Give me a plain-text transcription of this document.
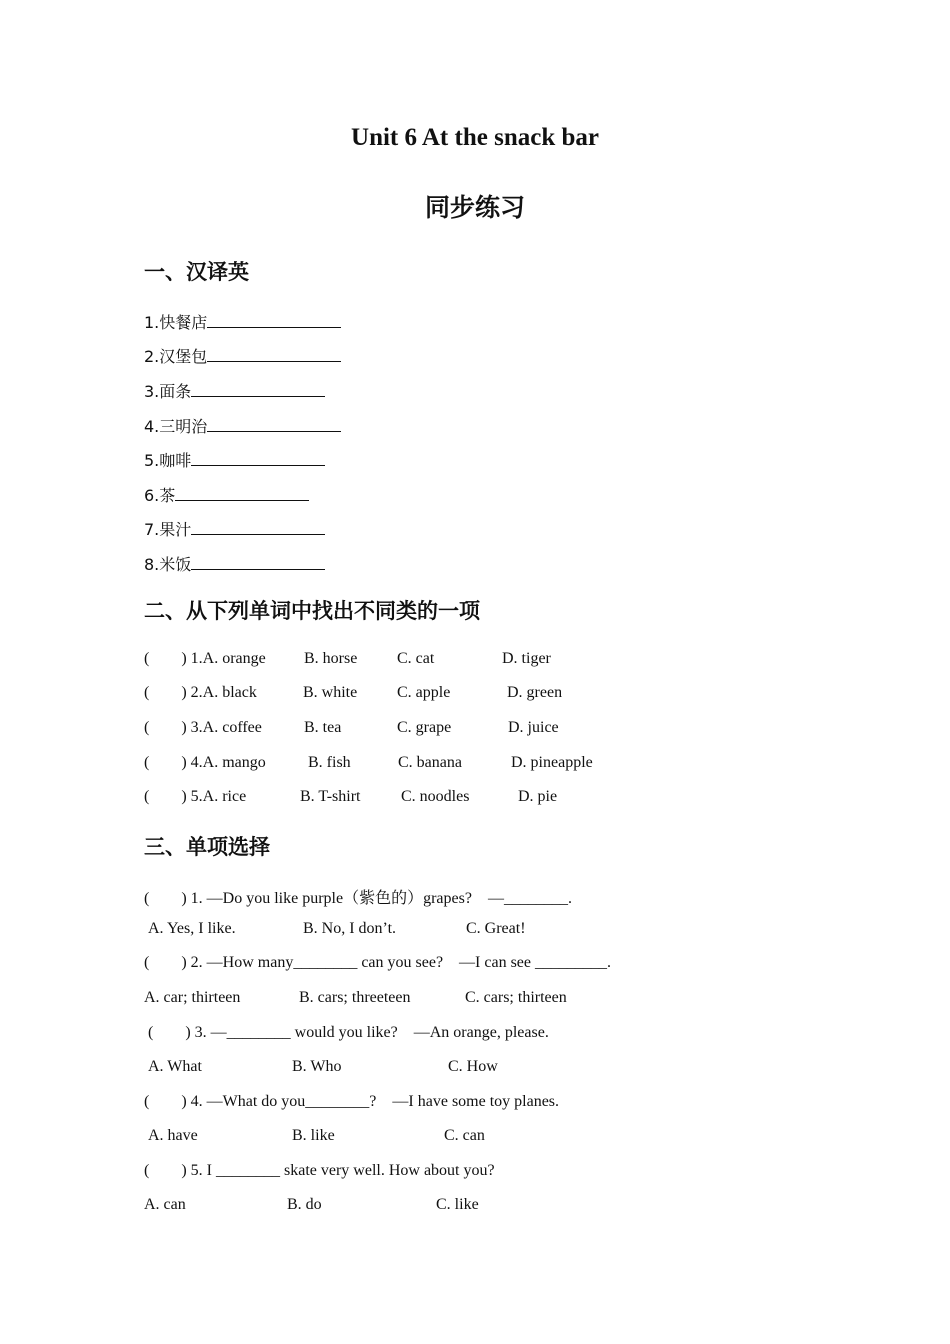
Unit 6 At the snack bar
同步练习
一、汉译英
1.快餐店
2.汉堡包
3.面条
4.三明治
5.咖啡
6.茶
7.果汁
8.米饭
二、从下列单词中找出不同类的一项
(        ) 1.A. orange B. horse C. cat	D. tiger
(        ) 2.A. black	B. white C. apple	D. green
(        ) 3.A. coffee	B. tea	C. grape	D. juice
(        ) 4.A. mango	B. fish	C. banana	D. pineapple
(        ) 5.A. rice	B. T-shirt	C. noodles	D. pie
三、单项选择
(        ) 1. —Do you like purple（紫色的）grapes?    —________.
A. Yes, I like.	B. No, I don’t.	C. Great!
(        ) 2. —How many________ can you see?    —I can see _________.
A. car; thirteen	B. cars; threeteen	C. cars; thirteen
(        ) 3. —________ would you like?    —An orange, please.
A. What	B. Who	C. How
(        ) 4. —What do you________?    —I have some toy planes.
A. have	B. like	C. can
(        ) 5. I ________ skate very well. How about you?
A. can	B. do	C. like
